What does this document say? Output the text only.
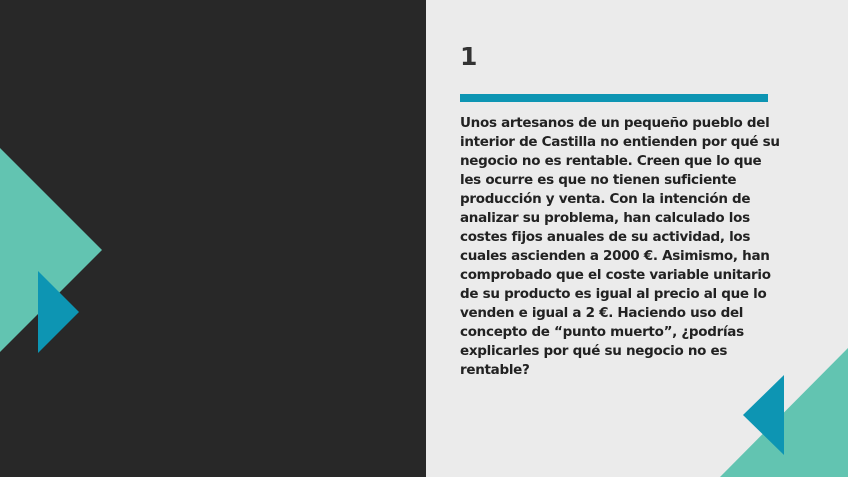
1

Unos artesanos de un pequeño pueblo del interior de Castilla no entienden por qué su negocio no es rentable. Creen que lo que les ocurre es que no tienen suficiente producción y venta. Con la intención de analizar su problema, han calculado los costes fijos anuales de su actividad, los cuales ascienden a 2000 €. Asimismo, han comprobado que el coste variable unitario de su producto es igual al precio al que lo venden e igual a 2 €. Haciendo uso del concepto de “punto muerto”, ¿podrías explicarles por qué su negocio no es rentable?
